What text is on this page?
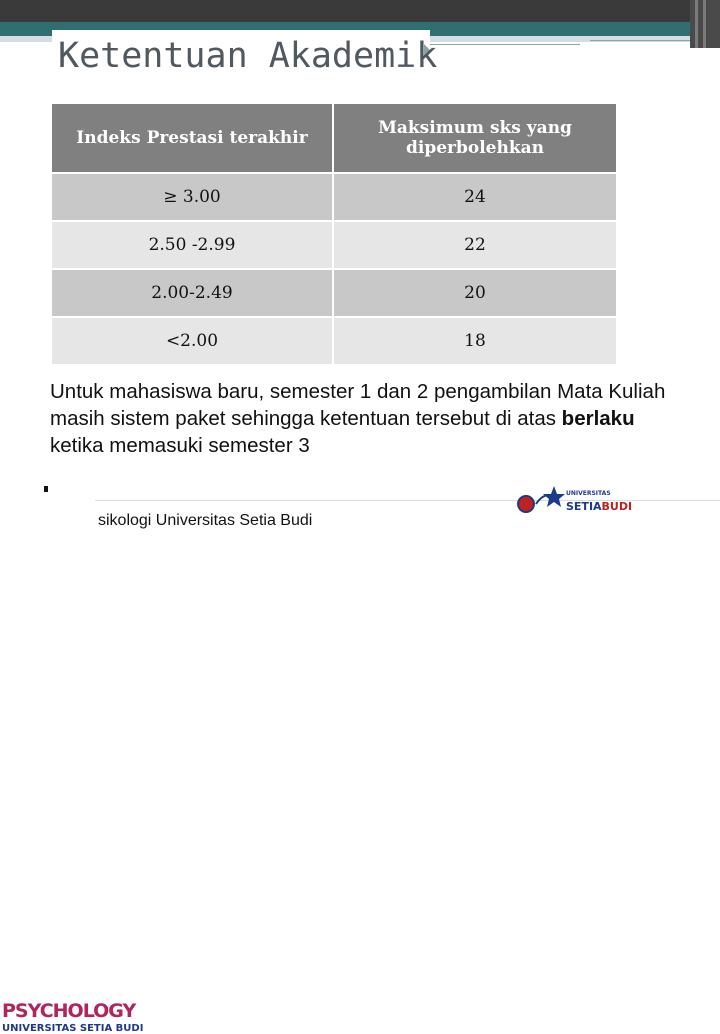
Ketentuan Akademik
Indeks Prestasi terakhir	Maksimum sks yang diperbolehkan
≥ 3.00	24
2.50 -2.99	22
2.00-2.49	20
<2.00	18
Untuk mahasiswa baru, semester 1 dan 2 pengambilan Mata Kuliah masih sistem paket sehingga ketentuan tersebut di atas berlaku ketika memasuki semester 3
PSYCHOLOGY
UNIVERSITAS SETIA BUDI
sikologi Universitas Setia Budi
UNIVERSITAS
SETIABUDI
